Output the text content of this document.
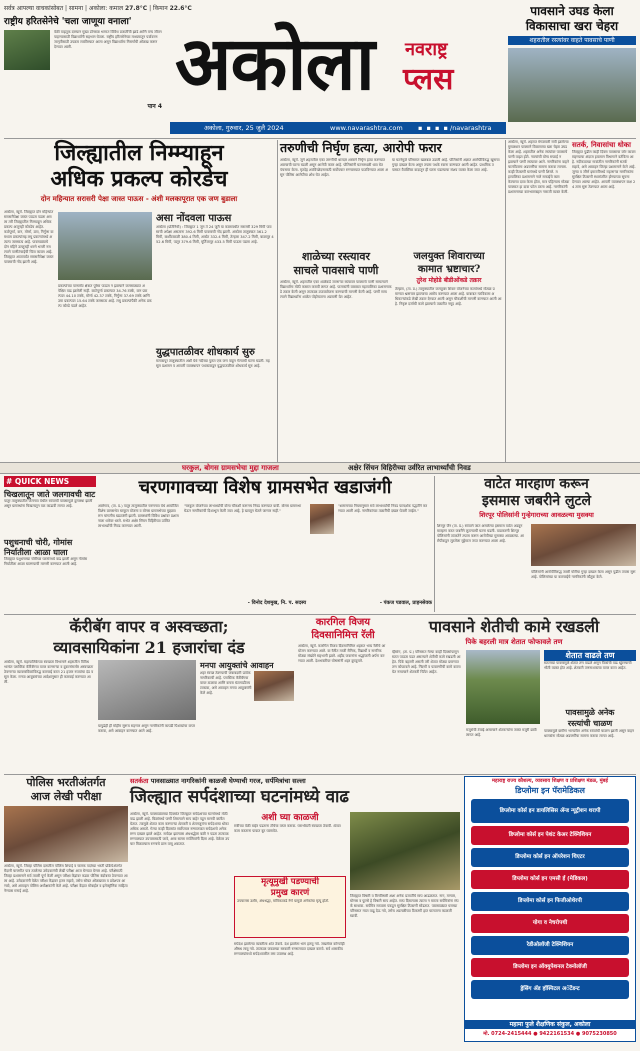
सर्वत्र आपल्या वाचकांसोबत | सामना | अकोला: कमाल 27.8°C | किमान 22.6°C
राष्ट्रीय हरितसेनेचे 'चला जाणूया वनाला'
वेळी वाहतूक दरम्यान मुख्य डोंगराळ भागात विविध प्रजातींची झाडे आणि वन्य जीवन पाहण्यासाठी विद्यार्थ्यांनी सहभाग घेतला. राष्ट्रीय हरितसेनेच्या माध्यमातून पर्यावरण जागृतीसाठी उपक्रम राबविण्यात आला असून विद्यार्थ्यांना निसर्गाची ओळख करून देण्यात आली.
पान 4 अकोला नवराष्ट्र
प्लस
पावसाने उघड केला
विकासाचा खरा चेहरा
शहरातील रस्त्यांवर वाहते पावसाचे पाणी
अकोला, गुरुवार, 25 जुलै 2024	www.navarashtra.com ▪ ▪ ▪ ▪ /navarashtra
जिल्ह्यातील निम्म्याहून
अधिक प्रकल्प कोरडेच
दोन महिन्यात सरासरी पेक्षा जास्त पाऊस - अंशी मलकापूरात एक जण बुडाला
अकोला, ब्यूरो. जिल्ह्यात दोन महिन्यांत सरासरीपेक्षा जास्त पाऊस पडला असला तरी जिल्ह्यातील निम्म्याहून अधिक प्रकल्प अजूनही कोरडेच आहेत. काटेपूर्णा, वान, मोर्णा, उमा, निर्गुणा या मध्यम प्रकल्पांसह लघु प्रकल्पांमध्ये अत्यल्प जलसाठा आहे. पावसाळ्याचे दोन महिने उलटूनही धरणे भरली नसल्याने पाणीटंचाईची चिंता कायम आहे. जिल्ह्यात आतापर्यंत सरासरीपेक्षा जास्त पावसाची नोंद झाली आहे.
प्रकल्पांच्या पाणलोट क्षेत्रात पुरेसा पाऊस न झाल्याने जलसाठ्यात अपेक्षित वाढ झालेली नाही. काटेपूर्णा प्रकल्पात 34.76 टक्के, वान प्रकल्पात 44.10 टक्के, मोर्णा 42.37 टक्के, निर्गुणा 37.69 टक्के आणि उमा प्रकल्पात 15.64 टक्के जलसाठा आहे. लघु प्रकल्पांपैकी अनेक प्रकल्प कोरडे पडले आहेत.
असा नोंदवला पाऊस
अकोला (प्रतिनिधी) : जिल्ह्यात 1 जून ते 24 जुलै या कालावधीत सरासरी 329 मिमी पावसाची अपेक्षा असताना 392.6 मिमी पावसाची नोंद झाली. अकोला तालुक्यात 361.2 मिमी, बार्शीटाकळी 380.4 मिमी, अकोट 332.4 मिमी, तेल्हारा 347.2 मिमी, बाळापूर 452.6 मिमी, पातूर 379.6 मिमी, मूर्तिजापूर 433.5 मिमी पाऊस पडला आहे.
युद्धपातळीवर शोधकार्य सुरु
मलकापूर तालुक्यातील अंशी येथे नदीच्या पुरात एक जण वाहून गेल्याची घटना घडली. महसूल प्रशासन व आपत्ती व्यवस्थापन पथकाकडून युद्धपातळीवर शोधकार्य सुरु आहे.
तरुणीची निर्घृण हत्या, आरोपी फरार
अकोला, ब्यूरो. जुने शहरातील एका तरुणीची धारदार शस्त्राने निर्घृण हत्या करण्यात आल्याची घटना घडली असून आरोपी फरार आहे. पोलिसांनी घटनास्थळी धाव घेत पंचनामा केला. मृतदेह शवविच्छेदनासाठी सर्वोपचार रुग्णालयात पाठविण्यात आला असून पोलिस आरोपीचा शोध घेत आहेत.
या घटनेमुळे परिसरात खळबळ उडाली आहे. पोलिसांनी अज्ञात आरोपीविरुद्ध खुनाचा गुन्हा दाखल केला असून तपास पथके रवाना करण्यात आली आहेत. प्राथमिक तपासात वैयक्तिक वादातून ही घटना घडल्याचा संशय व्यक्त केला जात आहे.
शाळेच्या रस्त्यावर
साचले पावसाचे पाणी
अकोला, ब्यूरो. शहरातील एका शाळेकडे जाणाऱ्या रस्त्यावर पावसाचे पाणी साचल्याने विद्यार्थ्यांना मोठी कसरत करावी लागत आहे. पालकांनी याबाबत महापालिका प्रशासनाकडे तक्रार केली असून तात्काळ उपाययोजना करण्याची मागणी केली आहे. पाणी साचल्याने विद्यार्थ्यांना शाळेत पोहोचताना अडचणी येत आहेत.
जलयुक्त शिवाराच्या
कामात भ्रष्टाचार?
तुरेश मोहोडे बीडीओंकडे तक्रार
तेल्हारा, (ता. प्र.) तालुक्यातील जलयुक्त शिवार योजनेच्या कामांमध्ये मोठ्या प्रमाणात भ्रष्टाचार झाल्याचा आरोप करण्यात आला आहे. याबाबत गटविकास अधिकाऱ्यांकडे लेखी तक्रार देण्यात आली असून चौकशीची मागणी करण्यात आली आहे. निकृष्ट दर्जाची कामे झाल्याचे तक्रारीत नमूद आहे.
अकोला, ब्यूरो. शहरात मंगळवारी रात्री झालेल्या मुसळधार पावसाने विकासाचा खरा चेहरा उघड केला आहे. शहरातील अनेक रस्त्यांवर पावसाचे पाणी वाहत होते. नाल्यांची योग्य सफाई न झाल्याने पाणी रस्त्यावर आले. नागरिकांना वाहने चालविताना अडचणींचा सामना करावा लागला. काही ठिकाणी घरांमध्ये पाणी शिरले. महापालिका प्रशासनाने नाले सफाईचे काम केल्याचा दावा केला होता, मात्र पहिल्याच मोठ्या पावसात हा दावा फोल ठरला आहे. नागरिकांनी प्रशासनाच्या कारभाराबद्दल नाराजी व्यक्त केली.
सतर्क, निवासांचा धोका
जिल्ह्यात पुढील काही दिवस पावसाचा जोर कायम राहण्याचा अंदाज हवामान विभागाने वर्तविला आहे. नदीकाठच्या गावांतील नागरिकांनी सतर्क राहावे, असे आवाहन जिल्हा प्रशासनाने केले आहे. जुन्या व जीर्ण इमारतींमध्ये राहणाऱ्या नागरिकांना सुरक्षित ठिकाणी स्थलांतरित होण्याच्या सूचना देण्यात आल्या आहेत. आपत्ती व्यवस्थापन कक्ष 24 तास सुरू ठेवण्यात आला आहे.
घरकुल, बोगस ग्रामसभेचा मुद्दा गाजला	अक्षेर सिंचन विहिरीच्या उर्वरित लाभार्थ्यांची निवड
# QUICK NEWS
चिखलातून जाते जलगावची वाट
पातूर तालुक्यातील जलगाव येथील रस्त्याची पावसामुळे दुरवस्था झाली असून ग्रामस्थांना चिखलातून वाट काढावी लागत आहे.
पशुधनाची चोरी, गोमांस निर्यातीला आळा घाला
जिल्ह्यात पशुधनाच्या चोरीच्या घटनांमध्ये वाढ झाली असून गोमांस निर्यातीला आळा घालण्याची मागणी करण्यात आली आहे.
चरणगावच्या विशेष ग्रामसभेत खडाजंगी
आलेगाव, (ता. प्र.) पातूर तालुक्यातील चरणगाव येथे आयोजित विशेष ग्रामसभेत घरकुल योजना व बोगस ग्रामसभेच्या मुद्द्यावरून चांगलीच खडाजंगी झाली. ग्रामस्थांनी विविध प्रश्नांवर प्रशासनाला धारेवर धरले. सभेत अक्षेर सिंचन विहिरीच्या उर्वरित लाभार्थ्यांची निवड करण्यात आली.
"घरकुल योजनेच्या लाभार्थ्यांची योग्य चौकशी करूनच निवड करण्यात यावी. बोगस ग्रामसभा घेऊन नागरिकांची दिशाभूल केली जात आहे, हे खपवून घेतले जाणार नाही."
- विनोद देशमुख, नि. प. सदस्य
"शासनाच्या नियमानुसार सर्व लाभार्थ्यांची निवड पारदर्शक पद्धतीने करण्यात आली आहे. नागरिकांच्या तक्रारींची दखल घेतली जाईल."
- पंकज पडवाल, प्राहनसेवक
वाटेत मारहाण करून
इसमास जबरीने लुटले
शिरपूर पोलिसांनी गुन्हेगाराच्या आवळल्या मुसक्या
शिरपूर जैन (ता. प्र.) रस्त्याने जात असलेल्या इसमास वाटेत अडवून मारहाण करत जबरीने लुटल्याची घटना घडली. याप्रकरणी शिरपूर पोलिसांनी तत्परतेने तपास करून आरोपीच्या मुसक्या आवळल्या. आरोपीकडून लुटलेला मुद्देमाल जप्त करण्यात आला आहे.
पोलिसांनी आरोपीविरुद्ध जबरी चोरीचा गुन्हा दाखल केला असून पुढील तपास सुरू आहे. पोलिसांच्या या कारवाईचे नागरिकांनी कौतुक केले.
कॅरीबॅग वापर व अस्वच्छता;
व्यावसायिकांना 21 हजारांचा दंड
अकोला, ब्यूरो. महापालिकेच्या स्वच्छता विभागाने शहरातील विविध भागांत प्लास्टिक कॅरीबॅगचा वापर करणाऱ्या व दुकानांसमोर अस्वच्छता ठेवणाऱ्या व्यावसायिकांविरुद्ध कारवाई करत 21 हजार रुपयांचा दंड वसूल केला. मनपा आयुक्तांच्या आदेशानुसार ही कारवाई करण्यात आली.
यापुढेही ही मोहीम सुरूच राहणार असून नागरिकांनी कापडी पिशव्यांचा वापर करावा, असे आवाहन करण्यात आले आहे.
मनपा आयुक्तांचे आवाहन
शहर स्वच्छ ठेवण्याची जबाबदारी प्रत्येक नागरिकाची आहे. प्लास्टिक कॅरीबॅगचा वापर टाळावा आणि कचरा घंटागाडीतच टाकावा, असे आवाहन मनपा आयुक्तांनी केले आहे.
कारगिल विजय
दिवसानिमित्त रॅली
अकोला, ब्यूरो. कारगिल विजय दिवसानिमित्त शहरात भव्य रॅलीचे आयोजन करण्यात आले. या रॅलीत माजी सैनिक, विद्यार्थी व नागरिक मोठ्या संख्येने सहभागी झाले. शहीद जवानांना श्रद्धांजली अर्पण करण्यात आली. देशभक्तीपर घोषणांनी शहर दुमदुमले.
पावसाने शेतीची कामे रखडली
पिके बहरली मात्र शेतात फोफावले तण
म्हैसांग, (ता. प्र.) परिसरात गेल्या काही दिवसांपासून सतत पाऊस पडत असल्याने शेतीची कामे रखडली आहेत. पिके बहरली असली तरी शेतात मोठ्या प्रमाणात तण फोफावले आहे. निंदणी व फवारणीची कामे करता येत नसल्याने शेतकरी चिंतेत आहेत.
मजुरांची टंचाई असल्याने शेतकऱ्यांना जास्त मजुरी द्यावी लागत आहे.
शेतात वाढले तण
सततच्या पावसामुळे शेतात तण वाढले असून पिकांची वाढ खुंटण्याची भीती व्यक्त होत आहे. शेतकरी तणनाशकाचा वापर करत आहेत.
पावसामुळे अनेक
रस्त्यांची चाळण
पावसामुळे ग्रामीण भागातील अनेक रस्त्यांची चाळण झाली असून वाहनधारकांना मोठ्या अडचणींचा सामना करावा लागत आहे.
पोलिस भरतीअंतर्गत
आज लेखी परीक्षा
अकोला, ब्यूरो. जिल्हा पोलिस दलातील पोलिस शिपाई व चालक पदांच्या भरती प्रक्रियेअंतर्गत मैदानी चाचणीत पात्र ठरलेल्या उमेदवारांची लेखी परीक्षा आज घेण्यात येणार आहे. परीक्षेसाठी जिल्हा प्रशासनाने सर्व तयारी पूर्ण केली असून परीक्षा केंद्रांवर कडक पोलिस बंदोबस्त ठेवण्यात आला आहे. उमेदवारांनी वेळेत परीक्षा केंद्रावर हजर राहावे, तसेच सोबत ओळखपत्र व प्रवेशपत्र आणावे, असे आवाहन पोलिस अधीक्षकांनी केले आहे. परीक्षा केंद्रात मोबाईल व इलेक्ट्रॉनिक साहित्य नेण्यास मनाई आहे.
सतर्कता पावसाळ्यात नागरिकांनी काळजी घेण्याची गरज, सर्पमित्रांचा सल्ला
जिल्ह्यात सर्पदंशाच्या घटनांमध्ये वाढ
अकोला, ब्यूरो. पावसाळ्याच्या दिवसांत जिल्ह्यात सर्पदंशाच्या घटनांमध्ये मोठी वाढ झाली आहे. बिळांमध्ये पाणी शिरल्याने साप बाहेर पडून मानवी वस्तीत येतात. त्यामुळे शेतात काम करणाऱ्या शेतकरी व शेतमजुरांना सर्पदंशाचा धोका अधिक असतो. गेल्या काही दिवसांत सर्वोपचार रुग्णालयात सर्पदंशाचे अनेक रुग्ण दाखल झाले आहेत. सर्पदंश झाल्यास अंधश्रद्धेला बळी न पडता तात्काळ रुग्णालयात उपचारासाठी जावे, असा सल्ला सर्पमित्रांनी दिला आहे. वेळेवर उपचार मिळाल्यास रुग्णाचे प्राण वाचू शकतात.
अशी घ्या काळजी
रात्रीच्या वेळी बाहेर पडताना टॉर्चचा वापर करावा. घराभोवती स्वच्छता ठेवावी. शेतात काम करताना पायात बूट घालावेत.
मृत्यूमुखी पडण्याची
प्रमुख कारणं
उपचारास उशीर, अंधश्रद्धा, मांत्रिकाकडे नेणे यामुळे अनेकांचा मृत्यू होतो.
सर्पदंश झालेल्या व्यक्तीला शांत ठेवावे. दंश झालेला भाग हलवू नये. जखमेवर कोणतेही औषध लावू नये. तात्काळ जवळच्या सरकारी रुग्णालयात दाखल करावे. सर्व शासकीय रुग्णालयांमध्ये सर्पदंशावरील लस उपलब्ध आहे.
जिल्ह्यात विषारी व बिनविषारी अशा अनेक प्रजातींचे साप आढळतात. नाग, मण्यार, घोणस व फुरसे हे विषारी साप आहेत. साप दिसल्यास त्याला न मारता सर्पमित्रांना संपर्क साधावा. सर्पमित्र सापाला पकडून सुरक्षित ठिकाणी सोडतात. पावसाळ्यात घराच्या परिसरात गवत वाढू देऊ नये, तसेच अडगळीच्या ठिकाणी हात घालताना काळजी घ्यावी.
महाराष्ट्र राज्य कौशल्य, व्यवसाय शिक्षण व प्रशिक्षण मंडळ, मुंबई
डिप्लोमा इन पॅरामेडिकल
डिप्लोमा कोर्स इन डायलिसिस ॲन्ड न्यूट्रीशन थरापी
डिप्लोमा कोर्स इन पेशंट केअर टेक्निशियन
डिप्लोमा कोर्स इन ऑपरेशन थिएटर
डिप्लोमा कोर्स इन एमसी ई (मेडिकल)
डिप्लोमा कोर्स इन फिजीओथेरपी
योगा व नेचरोपथी
रेडीओलॉजी टेक्निशियन
डिप्लोमा इन ऑक्युपेशनल टेक्नोलॉजी
ड्रेसिंग ॲड हॉस्पिटल अॅटेंडन्ट
महामा फुले शैक्षणिक संकुल, अकोला
मो. 0724-2415444 ● 9422161534 ● 9075230850
